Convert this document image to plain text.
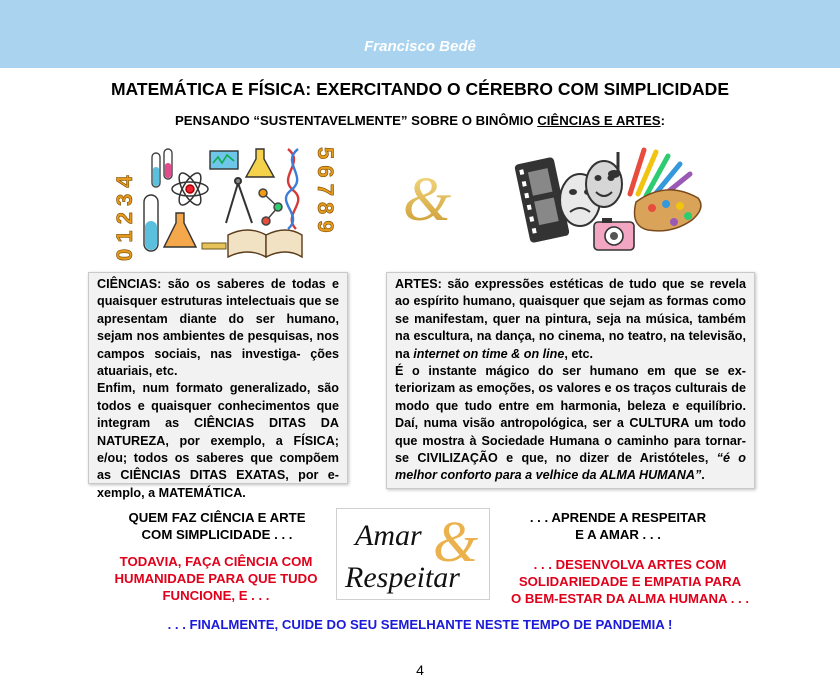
Francisco Bedê
MATEMÁTICA E FÍSICA: EXERCITANDO O CÉREBRO COM SIMPLICIDADE
PENSANDO “SUSTENTAVELMENTE” SOBRE O BINÔMIO CIÊNCIAS E ARTES:
0 1 2 3 4	5 6 7 8 9 &

CIÊNCIAS: são os saberes de todas e quaisquer estruturas intelectuais que se apresentam diante do ser humano, sejam nos ambientes de pesquisas, nos campos sociais, nas investiga- ções atuariais, etc.

Enfim, num formato generalizado, são todos e quaisquer conhecimentos que integram as CIÊNCIAS DITAS DA NATUREZA, por exemplo, a FÍSICA; e/ou; todos os saberes que compõem as CIÊNCIAS DITAS EXATAS, por e- xemplo, a MATEMÁTICA.

ARTES: são expressões estéticas de tudo que se revela ao espírito humano, quaisquer que sejam as formas como se manifestam, quer na pintura, seja na música, também na escultura, na dança, no cinema, no teatro, na televisão, na internet on time & on line, etc.

É o instante mágico do ser humano em que se ex- teriorizam as emoções, os valores e os traços culturais de modo que tudo entre em harmonia, beleza e equilíbrio. Daí, numa visão antropológica, ser a CULTURA um todo que mostra à Sociedade Humana o caminho para tornar-se CIVILIZAÇÃO e que, no dizer de Aristóteles, “é o melhor conforto para a velhice da ALMA HUMANA”.

QUEM FAZ CIÊNCIA E ARTE
COM SIMPLICIDADE . . .	Amar &
Respeitar
. . . APRENDE A RESPEITAR
E A AMAR . . .
TODAVIA, FAÇA CIÊNCIA COM
HUMANIDADE PARA QUE TUDO
FUNCIONE, E . . .
. . . DESENVOLVA ARTES COM
SOLIDARIEDADE E EMPATIA PARA
O BEM-ESTAR DA ALMA HUMANA . . .
. . . FINALMENTE, CUIDE DO SEU SEMELHANTE NESTE TEMPO DE PANDEMIA !
4
